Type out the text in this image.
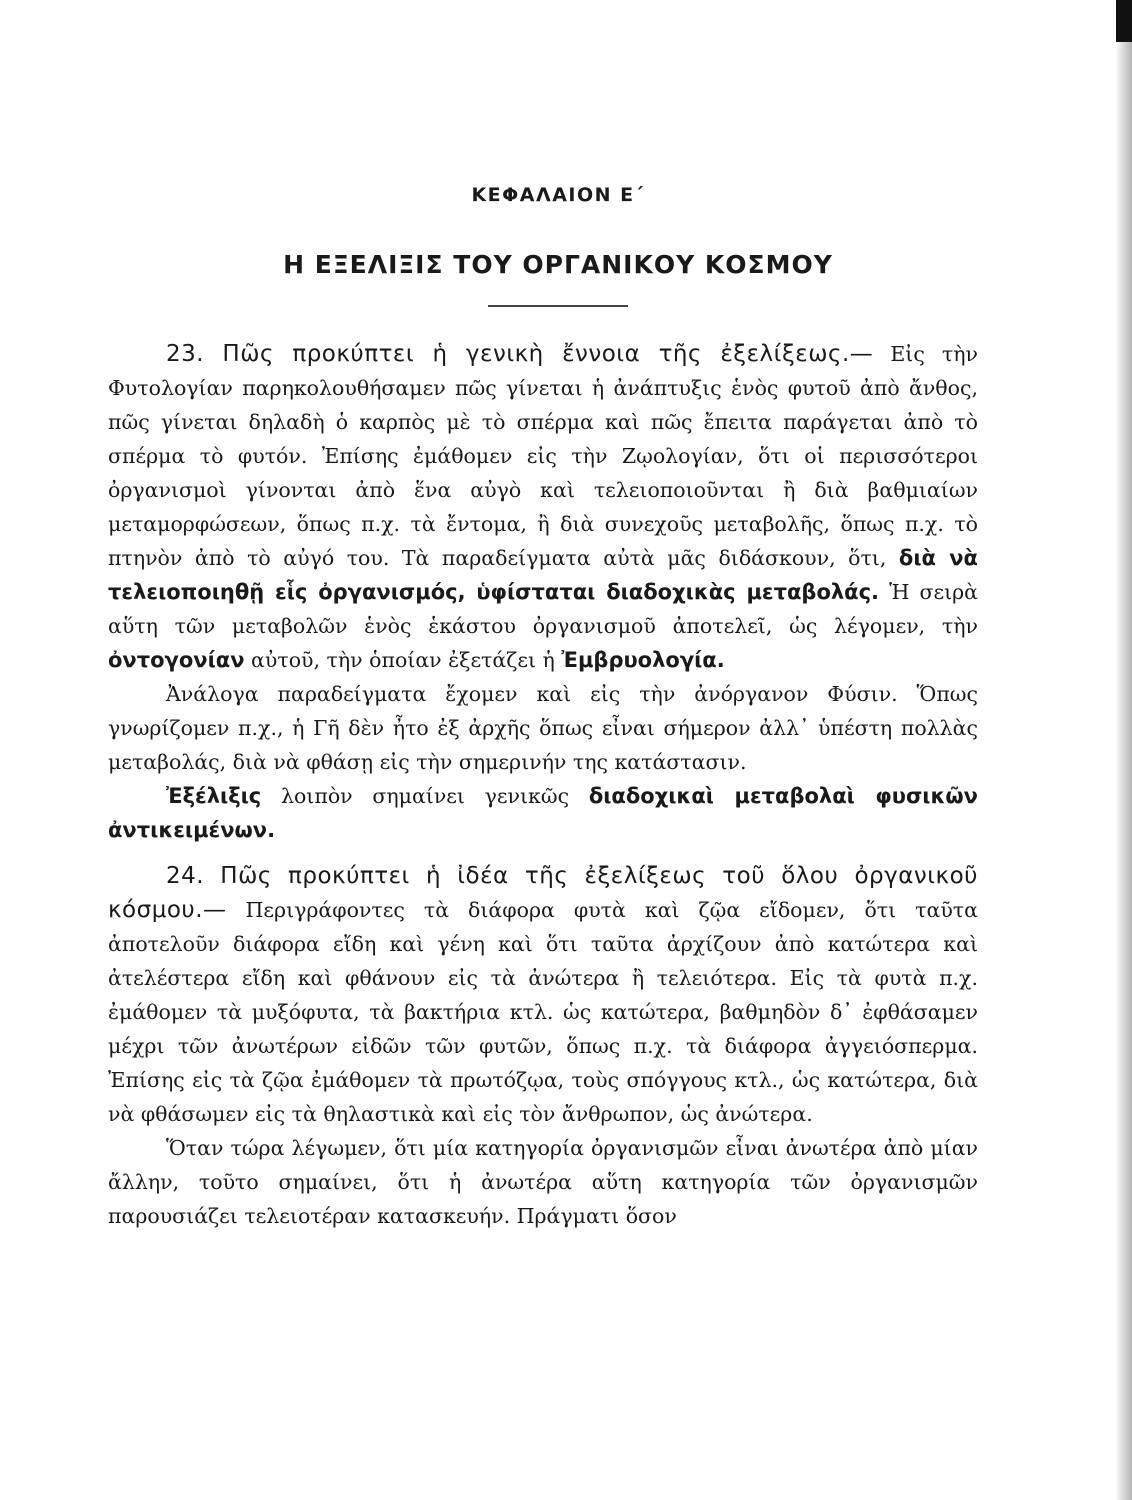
ΚΕΦΑΛΑΙΟΝ Ε΄
Η ΕΞΕΛΙΞΙΣ ΤΟΥ ΟΡΓΑΝΙΚΟΥ ΚΟΣΜΟΥ

23. Πῶς προκύπτει ἡ γενικὴ ἔννοια τῆς ἐξελίξεως.— Εἰς τὴν Φυτολογίαν παρηκολουθήσαμεν πῶς γίνεται ἡ ἀνάπτυξις ἑνὸς φυτοῦ ἀπὸ ἄνθος, πῶς γίνεται δηλαδὴ ὁ καρπὸς μὲ τὸ σπέρμα καὶ πῶς ἔπειτα παράγεται ἀπὸ τὸ σπέρμα τὸ φυτόν. Ἐπίσης ἐμάθομεν εἰς τὴν Ζῳολογίαν, ὅτι οἱ περισσότεροι ὀργανισμοὶ γίνονται ἀπὸ ἕνα αὐγὸ καὶ τελειοποιοῦνται ἢ διὰ βαθμιαίων μεταμορφώσεων, ὅπως π.χ. τὰ ἔντομα, ἢ διὰ συνεχοῦς μεταβολῆς, ὅπως π.χ. τὸ πτηνὸν ἀπὸ τὸ αὐγό του. Τὰ παραδείγματα αὐτὰ μᾶς διδάσκουν, ὅτι, διὰ νὰ τελειοποιηθῇ εἷς ὀργανισμός, ὑφίσταται διαδοχικὰς μεταβολάς. Ἡ σειρὰ αὕτη τῶν μεταβολῶν ἑνὸς ἑκάστου ὀργανισμοῦ ἀποτελεῖ, ὡς λέγομεν, τὴν ὀντογονίαν αὐτοῦ, τὴν ὁποίαν ἐξετάζει ἡ Ἐμβρυολογία.

Ἀνάλογα παραδείγματα ἔχομεν καὶ εἰς τὴν ἀνόργανον Φύσιν. Ὅπως γνωρίζομεν π.χ., ἡ Γῆ δὲν ἦτο ἐξ ἀρχῆς ὅπως εἶναι σήμερον ἀλλ᾿ ὑπέστη πολλὰς μεταβολάς, διὰ νὰ φθάσῃ εἰς τὴν σημερινήν της κατάστασιν.

Ἐξέλιξις λοιπὸν σημαίνει γενικῶς διαδοχικαὶ μεταβολαὶ φυσικῶν ἀντικειμένων.

24. Πῶς προκύπτει ἡ ἰδέα τῆς ἐξελίξεως τοῦ ὅλου ὀργανικοῦ κόσμου.— Περιγράφοντες τὰ διάφορα φυτὰ καὶ ζῷα εἴδομεν, ὅτι ταῦτα ἀποτελοῦν διάφορα εἴδη καὶ γένη καὶ ὅτι ταῦτα ἀρχίζουν ἀπὸ κατώτερα καὶ ἀτελέστερα εἴδη καὶ φθάνουν εἰς τὰ ἀνώτερα ἢ τελειότερα. Εἰς τὰ φυτὰ π.χ. ἐμάθομεν τὰ μυξόφυτα, τὰ βακτήρια κτλ. ὡς κατώτερα, βαθμηδὸν δ᾿ ἐφθάσαμεν μέχρι τῶν ἀνωτέρων εἰδῶν τῶν φυτῶν, ὅπως π.χ. τὰ διάφορα ἀγγειόσπερμα. Ἐπίσης εἰς τὰ ζῷα ἐμάθομεν τὰ πρωτόζῳα, τοὺς σπόγγους κτλ., ὡς κατώτερα, διὰ νὰ φθάσωμεν εἰς τὰ θηλαστικὰ καὶ εἰς τὸν ἄνθρωπον, ὡς ἀνώτερα.

Ὅταν τώρα λέγωμεν, ὅτι μία κατηγορία ὀργανισμῶν εἶναι ἀνωτέρα ἀπὸ μίαν ἄλλην, τοῦτο σημαίνει, ὅτι ἡ ἀνωτέρα αὕτη κατηγορία τῶν ὀργανισμῶν παρουσιάζει τελειοτέραν κατασκευήν. Πράγματι ὅσον
